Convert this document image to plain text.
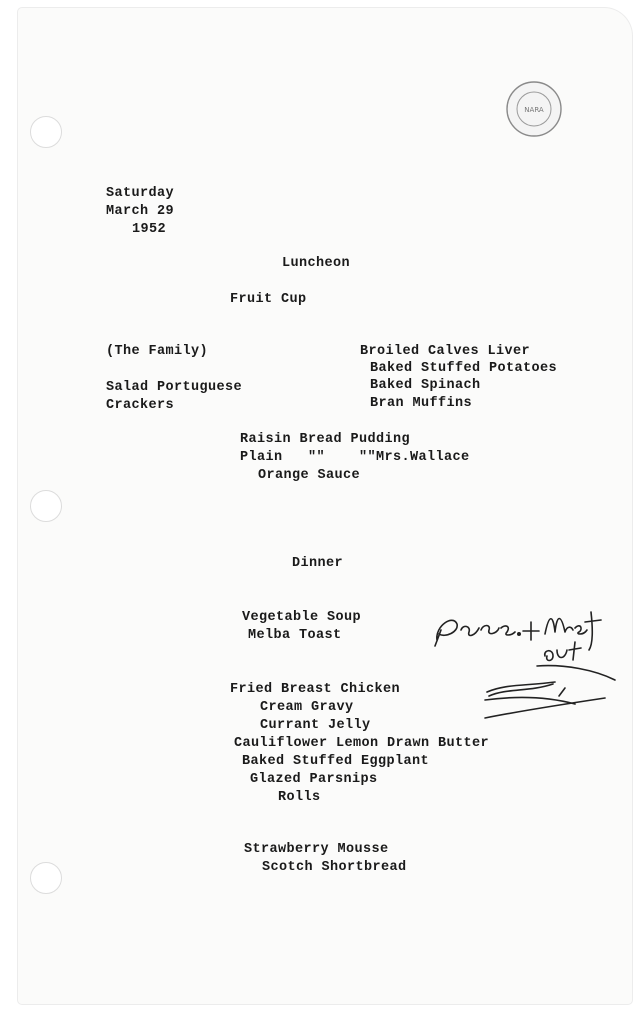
NARA
Saturday
March 29
1952
Luncheon
Fruit Cup
(The Family)
Salad Portuguese
Crackers
Broiled Calves Liver
Baked Stuffed Potatoes
Baked Spinach
Bran Muffins
Raisin Bread Pudding
Plain   ""    ""Mrs.Wallace
Orange Sauce
Dinner
Vegetable Soup
Melba Toast
Fried Breast Chicken
Cream Gravy
Currant Jelly
Cauliflower Lemon Drawn Butter
Baked Stuffed Eggplant
Glazed Parsnips
Rolls
Strawberry Mousse
Scotch Shortbread
